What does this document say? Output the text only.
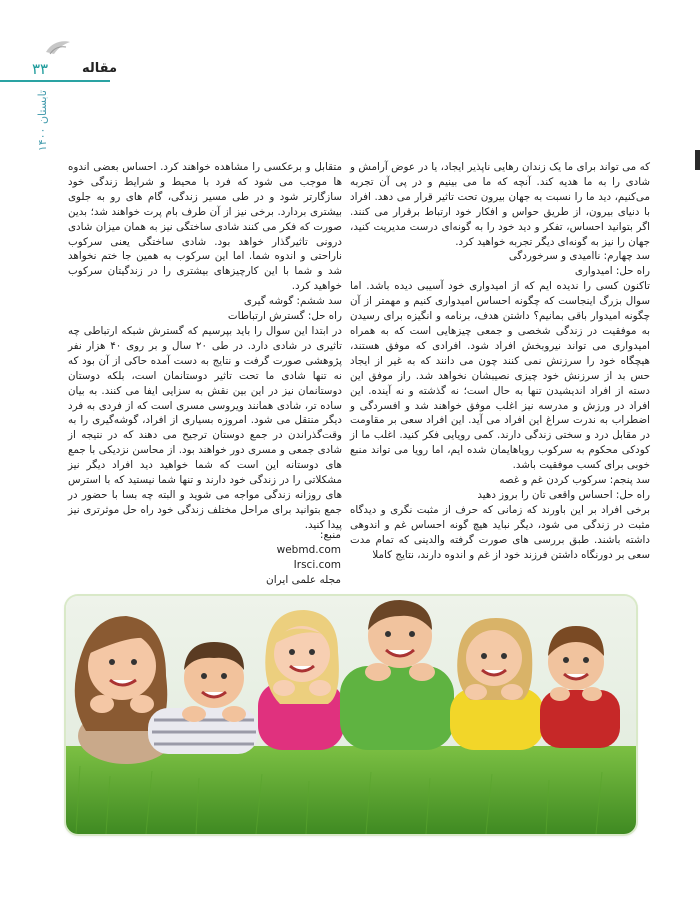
۳۳	مقاله
تابستان ۱۴۰۰

که می تواند برای ما یک زندان رهایی ناپذیر ایجاد، یا در عوض آرامش و شادی را به ما هدیه کند. آنچه که ما می بینیم و در پی آن تجربه می‌کنیم، دید ما را نسبت به جهان بیرون تحت تاثیر قرار می دهد. افراد با دنیای بیرون، از طریق حواس و افکار خود ارتباط برقرار می کنند. اگر بتوانید احساس، تفکر و دید خود را به گونه‌ای درست مدیریت کنید، جهان را نیز به گونه‌ای دیگر تجربه خواهید کرد.

سد چهارم: ناامیدی و سرخوردگی

راه حل: امیدواری

تاکنون کسی را ندیده ایم که از امیدواری خود آسیبی دیده باشد. اما سوال بزرگ اینجاست که چگونه احساس امیدواری کنیم و مهمتر از آن چگونه امیدوار باقی بمانیم؟ داشتن هدف، برنامه و انگیزه برای رسیدن به موفقیت در زندگی شخصی و جمعی چیزهایی است که به همراه امیدواری می تواند نیروبخش افراد شود. افرادی که موفق هستند، هیچگاه خود را سرزنش نمی کنند چون می دانند که به غیر از ایجاد حس بد از سرزنش خود چیزی نصیبشان نخواهد شد. راز موفق این دسته از افراد اندیشیدن تنها به حال است؛ نه گذشته و نه آینده. این افراد در ورزش و مدرسه نیز اغلب موفق خواهند شد و افسردگی و اضطراب به ندرت سراغ این افراد می آید. این افراد سعی بر مقاومت در مقابل درد و سختی زندگی دارند. کمی رویایی فکر کنید. اغلب ما از کودکی محکوم به سرکوب رویاهایمان شده ایم، اما رویا می تواند منبع خوبی برای کسب موفقیت باشد.

سد پنجم: سرکوب کردن غم و غصه

راه حل: احساس واقعی تان را بروز دهید

برخی افراد بر این باورند که زمانی که حرف از مثبت نگری و دیدگاه مثبت در زندگی می شود، دیگر نباید هیچ گونه احساس غم و اندوهی داشته باشند. طبق بررسی های صورت گرفته والدینی که تمام مدت سعی بر دورنگاه داشتن فرزند خود از غم و اندوه دارند، نتایج کاملا

متقابل و برعکسی را مشاهده خواهند کرد. احساس بعضی اندوه ها موجب می شود که فرد با محیط و شرایط زندگی خود سازگارتر شود و در طی مسیر زندگی، گام های رو به جلوی بیشتری بردارد. برخی نیز از آن طرف بام پرت خواهند شد؛ بدین صورت که فکر می کنند شادی ساختگی نیز به همان میزان شادی درونی تاثیرگذار خواهد بود. شادی ساختگی یعنی سرکوب ناراحتی و اندوه شما. اما این سرکوب به همین جا ختم نخواهد شد و شما با این کارچیزهای بیشتری را در زندگیتان سرکوب خواهید کرد.

سد ششم: گوشه گیری

راه حل: گسترش ارتباطات

در ابتدا این سوال را باید بپرسیم که گسترش شبکه ارتباطی چه تاثیری در شادی دارد. در طی ۲۰ سال و بر روی ۴۰ هزار نفر پژوهشی صورت گرفت و نتایج به دست آمده حاکی از آن بود که نه تنها شادی ما تحت تاثیر دوستانمان است، بلکه دوستان دوستانمان نیز در این بین نقش به سزایی ایفا می کنند. به بیان ساده تر، شادی همانند ویروسی مسری است که از فردی به فرد دیگر منتقل می شود. امروزه بسیاری از افراد، گوشه‌گیری را به وقت‌گذراندن در جمع دوستان ترجیح می دهند که در نتیجه از شادی جمعی و مسری دور خواهند بود. از محاسن نزدیکی با جمع های دوستانه این است که شما خواهید دید افراد دیگر نیز مشکلاتی را در زندگی خود دارند و تنها شما نیستید که با استرس های روزانه زندگی مواجه می شوید و البته چه بسا با حضور در جمع بتوانید برای مراحل مختلف زندگی خود راه حل موثرتری نیز پیدا کنید.

منبع:
webmd.com
Irsci.com
مجله علمی ایران
